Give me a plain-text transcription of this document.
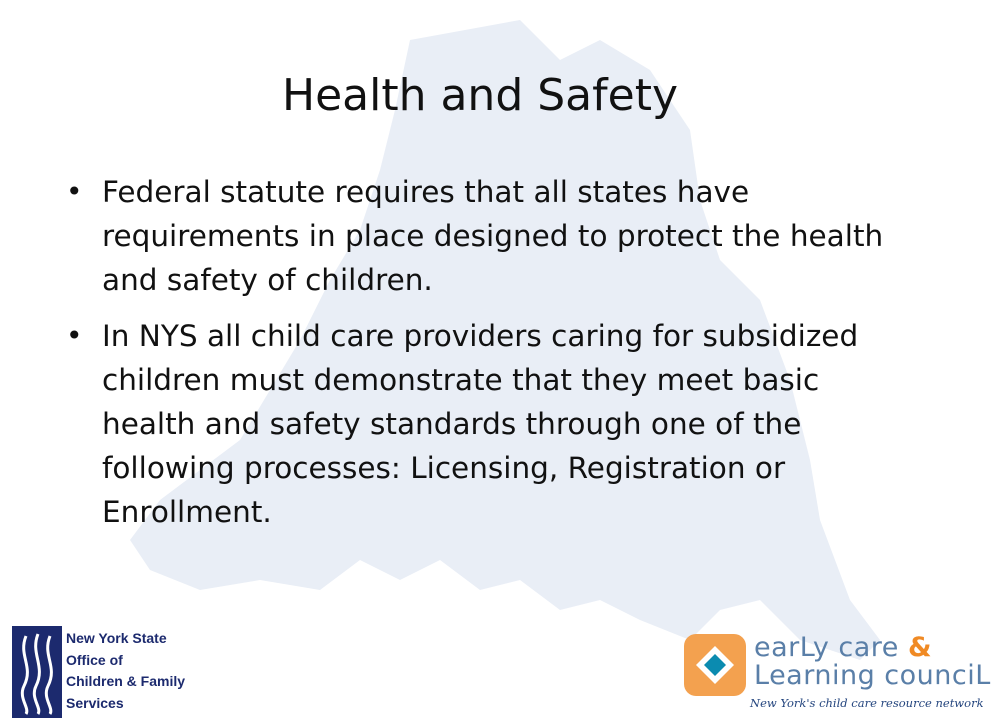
Health and Safety
• Federal statute requires that all states have requirements in place designed to protect the health and safety of children.
• In NYS all child care providers caring for subsidized children must demonstrate that they meet basic health and safety standards through one of the following processes: Licensing, Registration or Enrollment.
New York State
Office of
Children & Family
Services
earLy care &
Learning counciL
New York's child care resource network
